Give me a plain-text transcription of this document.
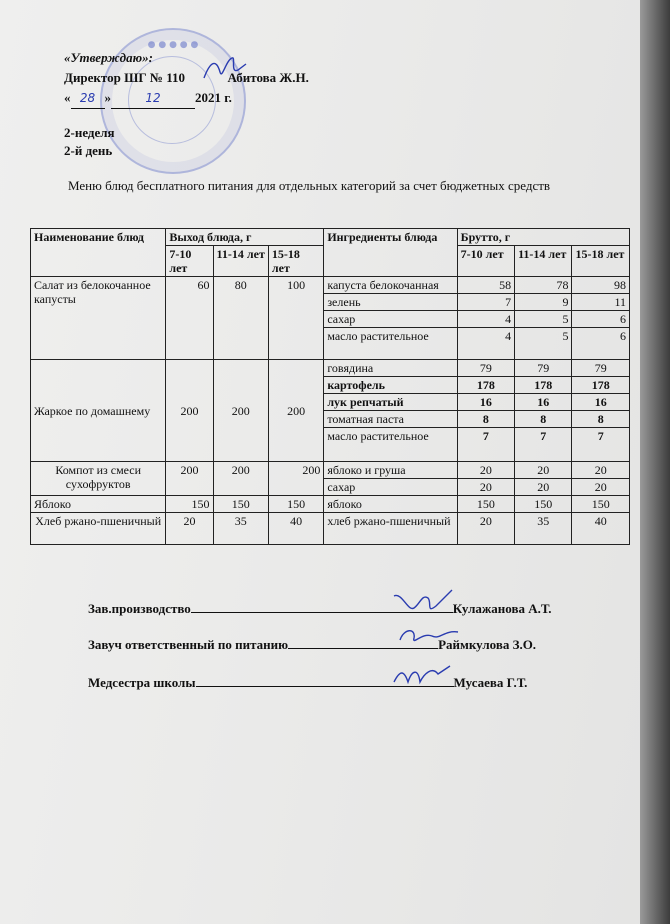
● ● ● ● ●
«Утверждаю»:
Директор ШГ № 110	Абитова Ж.Н.
« 28 »	12	2021 г.
2-неделя
2-й день
Меню блюд бесплатного питания для отдельных категорий за счет бюджетных средств
Наименование блюд	Выход блюда, г			Ингредиенты блюда	Брутто, г		
	7-10 лет	11-14 лет	15-18 лет		7-10 лет	11-14 лет	15-18 лет
Салат из белокочанное капусты	60	80	100	капуста белокочанная	58	78	98
				зелень	7	9	11
				сахар	4	5	6
				масло растительное	4	5	6
Жаркое по домашнему	200	200	200	говядина	79	79	79
				картофель	178	178	178
				лук репчатый	16	16	16
				томатная паста	8	8	8
				масло растительное	7	7	7
Компот из смеси сухофруктов	200	200	200	яблоко и груша	20	20	20
				сахар	20	20	20
Яблоко	150	150	150	яблоко	150	150	150
Хлеб ржано-пшеничный	20	35	40	хлеб ржано-пшеничный	20	35	40
Зав.производство	Кулажанова А.Т.
Завуч ответственный по питанию	Раймкулова З.О.
Медсестра школы	Мусаева Г.Т.
